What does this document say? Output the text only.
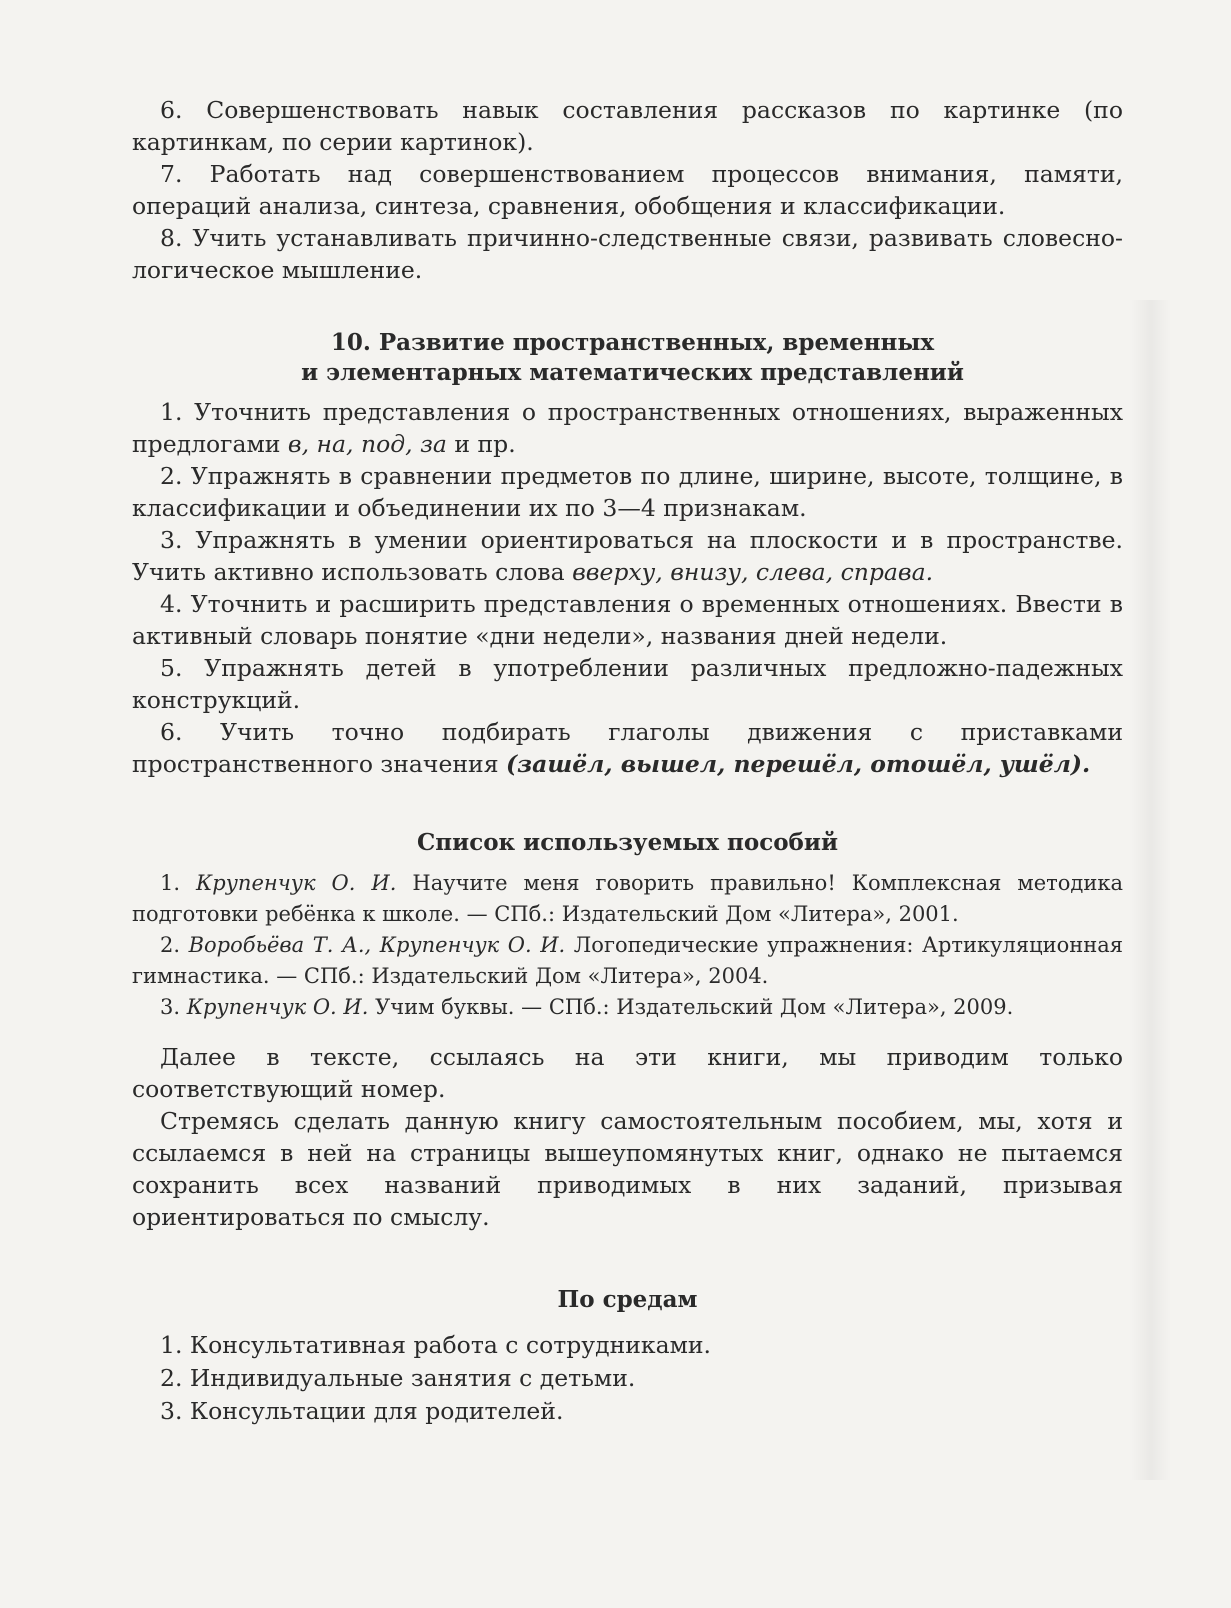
6. Совершенствовать навык составления рассказов по картинке (по картинкам, по серии картинок).

7. Работать над совершенствованием процессов внимания, памяти, операций анализа, синтеза, сравнения, обобщения и классификации.

8. Учить устанавливать причинно-следственные связи, развивать словесно-логическое мышление.

10. Развитие пространственных, временных
и элементарных математических представлений

1. Уточнить представления о пространственных отношениях, выраженных предлогами в, на, под, за и пр.

2. Упражнять в сравнении предметов по длине, ширине, высоте, толщине, в классификации и объединении их по 3—4 признакам.

3. Упражнять в умении ориентироваться на плоскости и в пространстве. Учить активно использовать слова вверху, внизу, слева, справа.

4. Уточнить и расширить представления о временных отношениях. Ввести в активный словарь понятие «дни недели», названия дней недели.

5. Упражнять детей в употреблении различных предложно-падежных конструкций.

6. Учить точно подбирать глаголы движения с приставками пространственного значения (зашёл, вышел, перешёл, отошёл, ушёл).

Список используемых пособий

1. Крупенчук О. И. Научите меня говорить правильно! Комплексная методика подготовки ребёнка к школе. — СПб.: Издательский Дом «Литера», 2001.

2. Воробьёва Т. А., Крупенчук О. И. Логопедические упражнения: Артикуляционная гимнастика. — СПб.: Издательский Дом «Литера», 2004.

3. Крупенчук О. И. Учим буквы. — СПб.: Издательский Дом «Литера», 2009.

Далее в тексте, ссылаясь на эти книги, мы приводим только соответствующий номер.

Стремясь сделать данную книгу самостоятельным пособием, мы, хотя и ссылаемся в ней на страницы вышеупомянутых книг, однако не пытаемся сохранить всех названий приводимых в них заданий, призывая ориентироваться по смыслу.

По средам

1. Консультативная работа с сотрудниками.

2. Индивидуальные занятия с детьми.

3. Консультации для родителей.
